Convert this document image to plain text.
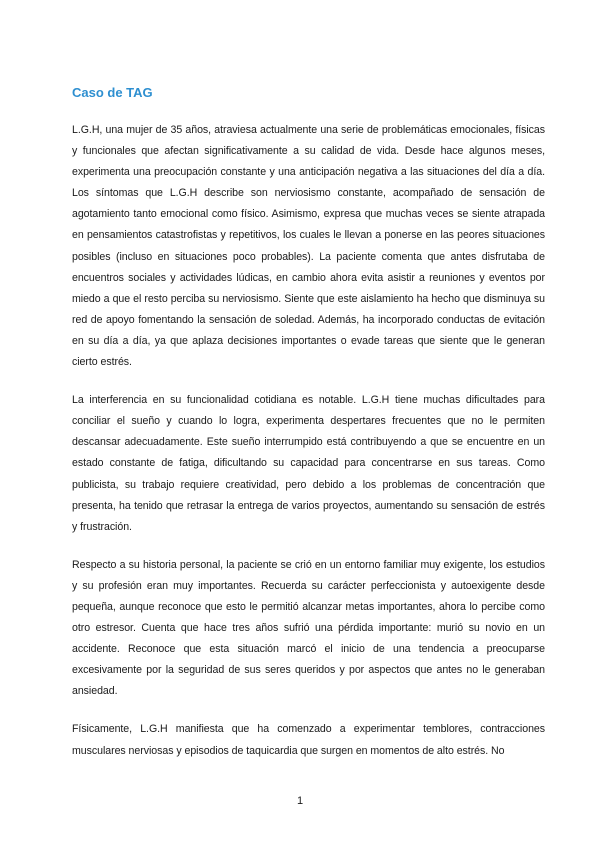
Caso de TAG

L.G.H, una mujer de 35 años, atraviesa actualmente una serie de problemáticas emocionales, físicas y funcionales que afectan significativamente a su calidad de vida. Desde hace algunos meses, experimenta una preocupación constante y una anticipación negativa a las situaciones del día a día. Los síntomas que L.G.H describe son nerviosismo constante, acompañado de sensación de agotamiento tanto emocional como físico. Asimismo, expresa que muchas veces se siente atrapada en pensamientos catastrofistas y repetitivos, los cuales le llevan a ponerse en las peores situaciones posibles (incluso en situaciones poco probables). La paciente comenta que antes disfrutaba de encuentros sociales y actividades lúdicas, en cambio ahora evita asistir a reuniones y eventos por miedo a que el resto perciba su nerviosismo. Siente que este aislamiento ha hecho que disminuya su red de apoyo fomentando la sensación de soledad. Además, ha incorporado conductas de evitación en su día a día, ya que aplaza decisiones importantes o evade tareas que siente que le generan cierto estrés.

La interferencia en su funcionalidad cotidiana es notable. L.G.H tiene muchas dificultades para conciliar el sueño y cuando lo logra, experimenta despertares frecuentes que no le permiten descansar adecuadamente. Este sueño interrumpido está contribuyendo a que se encuentre en un estado constante de fatiga, dificultando su capacidad para concentrarse en sus tareas. Como publicista, su trabajo requiere creatividad, pero debido a los problemas de concentración que presenta, ha tenido que retrasar la entrega de varios proyectos, aumentando su sensación de estrés y frustración.

Respecto a su historia personal, la paciente se crió en un entorno familiar muy exigente, los estudios y su profesión eran muy importantes. Recuerda su carácter perfeccionista y autoexigente desde pequeña, aunque reconoce que esto le permitió alcanzar metas importantes, ahora lo percibe como otro estresor. Cuenta que hace tres años sufrió una pérdida importante: murió su novio en un accidente. Reconoce que esta situación marcó el inicio de una tendencia a preocuparse excesivamente por la seguridad de sus seres queridos y por aspectos que antes no le generaban ansiedad.

Físicamente, L.G.H manifiesta que ha comenzado a experimentar temblores, contracciones musculares nerviosas y episodios de taquicardia que surgen en momentos de alto estrés. No

1
